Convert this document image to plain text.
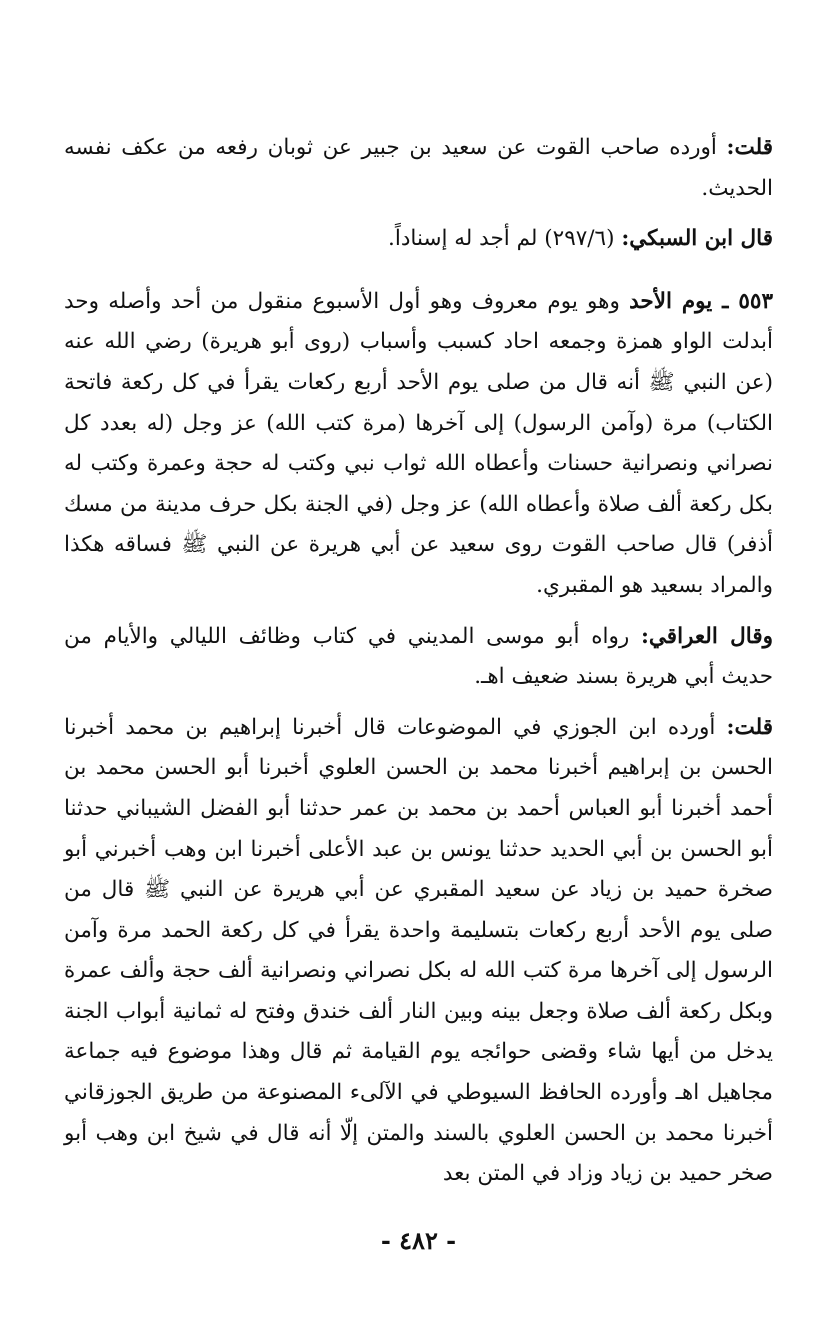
قلت: أورده صاحب القوت عن سعيد بن جبير عن ثوبان رفعه من عكف نفسه الحديث.

قال ابن السبكي: (٢٩٧/٦) لم أجد له إسناداً.

٥٥٣ ـ يوم الأحد وهو يوم معروف وهو أول الأسبوع منقول من أحد وأصله وحد أبدلت الواو همزة وجمعه احاد كسبب وأسباب (روى أبو هريرة) رضي الله عنه (عن النبي ﷺ أنه قال من صلى يوم الأحد أربع ركعات يقرأ في كل ركعة فاتحة الكتاب) مرة (وآمن الرسول) إلى آخرها (مرة كتب الله) عز وجل (له بعدد كل نصراني ونصرانية حسنات وأعطاه الله ثواب نبي وكتب له حجة وعمرة وكتب له بكل ركعة ألف صلاة وأعطاه الله) عز وجل (في الجنة بكل حرف مدينة من مسك أذفر) قال صاحب القوت روى سعيد عن أبي هريرة عن النبي ﷺ فساقه هكذا والمراد بسعيد هو المقبري.

وقال العراقي: رواه أبو موسى المديني في كتاب وظائف الليالي والأيام من حديث أبي هريرة بسند ضعيف اهـ.

قلت: أورده ابن الجوزي في الموضوعات قال أخبرنا إبراهيم بن محمد أخبرنا الحسن بن إبراهيم أخبرنا محمد بن الحسن العلوي أخبرنا أبو الحسن محمد بن أحمد أخبرنا أبو العباس أحمد بن محمد بن عمر حدثنا أبو الفضل الشيباني حدثنا أبو الحسن بن أبي الحديد حدثنا يونس بن عبد الأعلى أخبرنا ابن وهب أخبرني أبو صخرة حميد بن زياد عن سعيد المقبري عن أبي هريرة عن النبي ﷺ قال من صلى يوم الأحد أربع ركعات بتسليمة واحدة يقرأ في كل ركعة الحمد مرة وآمن الرسول إلى آخرها مرة كتب الله له بكل نصراني ونصرانية ألف حجة وألف عمرة وبكل ركعة ألف صلاة وجعل بينه وبين النار ألف خندق وفتح له ثمانية أبواب الجنة يدخل من أيها شاء وقضى حوائجه يوم القيامة ثم قال وهذا موضوع فيه جماعة مجاهيل اهـ وأورده الحافظ السيوطي في الآلىء المصنوعة من طريق الجوزقاني أخبرنا محمد بن الحسن العلوي بالسند والمتن إلّا أنه قال في شيخ ابن وهب أبو صخر حميد بن زياد وزاد في المتن بعد

- ٤٨٢ -
